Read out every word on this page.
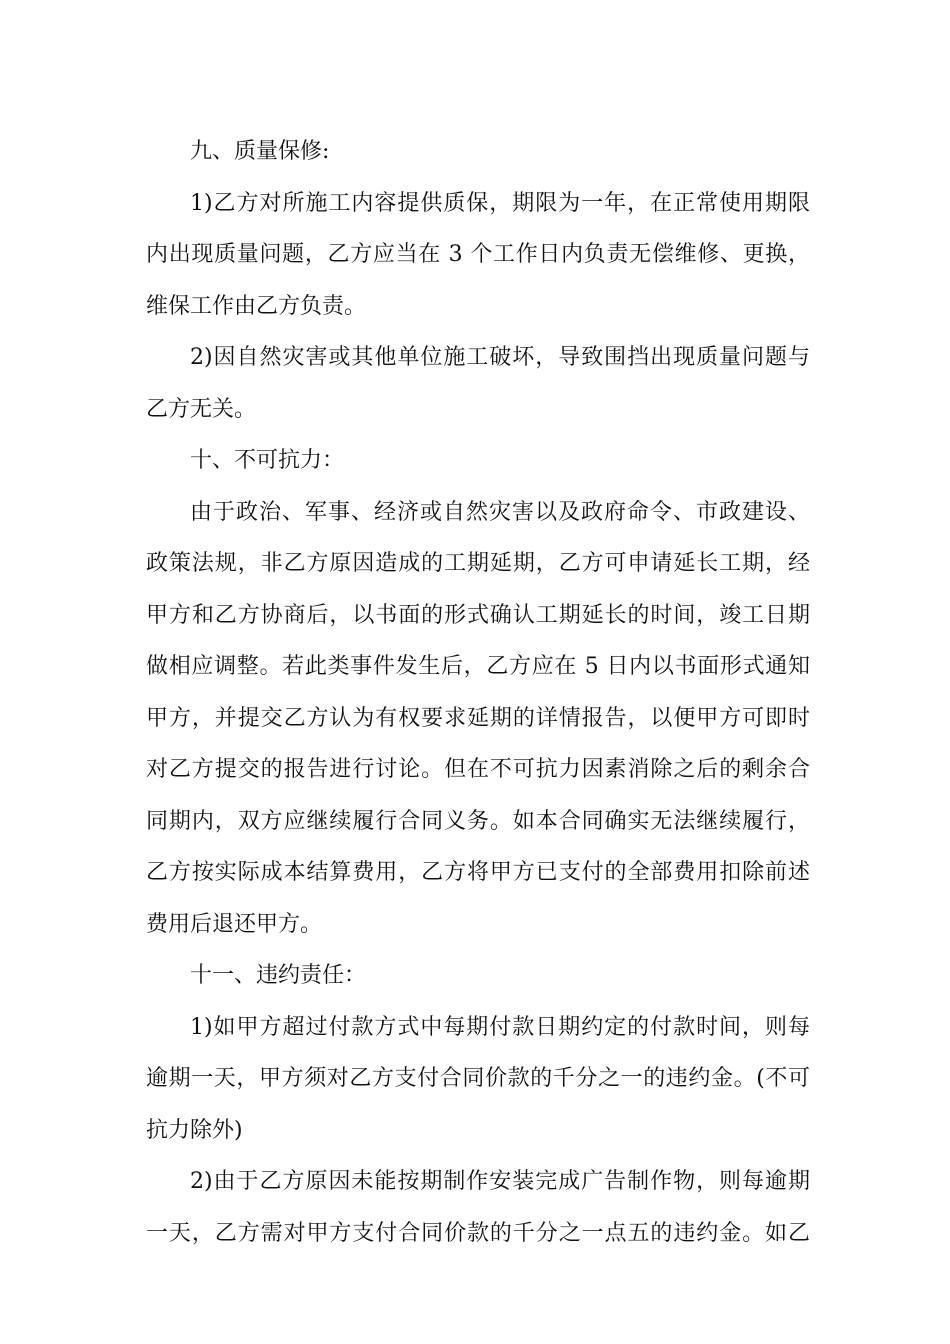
九、质量保修:
1)乙方对所施工内容提供质保，期限为一年，在正常使用期限
内出现质量问题，乙方应当在 3 个工作日内负责无偿维修、更换，
维保工作由乙方负责。
2)因自然灾害或其他单位施工破坏，导致围挡出现质量问题与
乙方无关。
十、不可抗力：
由于政治、军事、经济或自然灾害以及政府命令、市政建设、
政策法规，非乙方原因造成的工期延期，乙方可申请延长工期，经
甲方和乙方协商后，以书面的形式确认工期延长的时间，竣工日期
做相应调整。若此类事件发生后，乙方应在 5 日内以书面形式通知
甲方，并提交乙方认为有权要求延期的详情报告，以便甲方可即时
对乙方提交的报告进行讨论。但在不可抗力因素消除之后的剩余合
同期内，双方应继续履行合同义务。如本合同确实无法继续履行，
乙方按实际成本结算费用，乙方将甲方已支付的全部费用扣除前述
费用后退还甲方。
十一、违约责任：
1)如甲方超过付款方式中每期付款日期约定的付款时间，则每
逾期一天，甲方须对乙方支付合同价款的千分之一的违约金。(不可
抗力除外)
2)由于乙方原因未能按期制作安装完成广告制作物，则每逾期
一天，乙方需对甲方支付合同价款的千分之一点五的违约金。如乙
